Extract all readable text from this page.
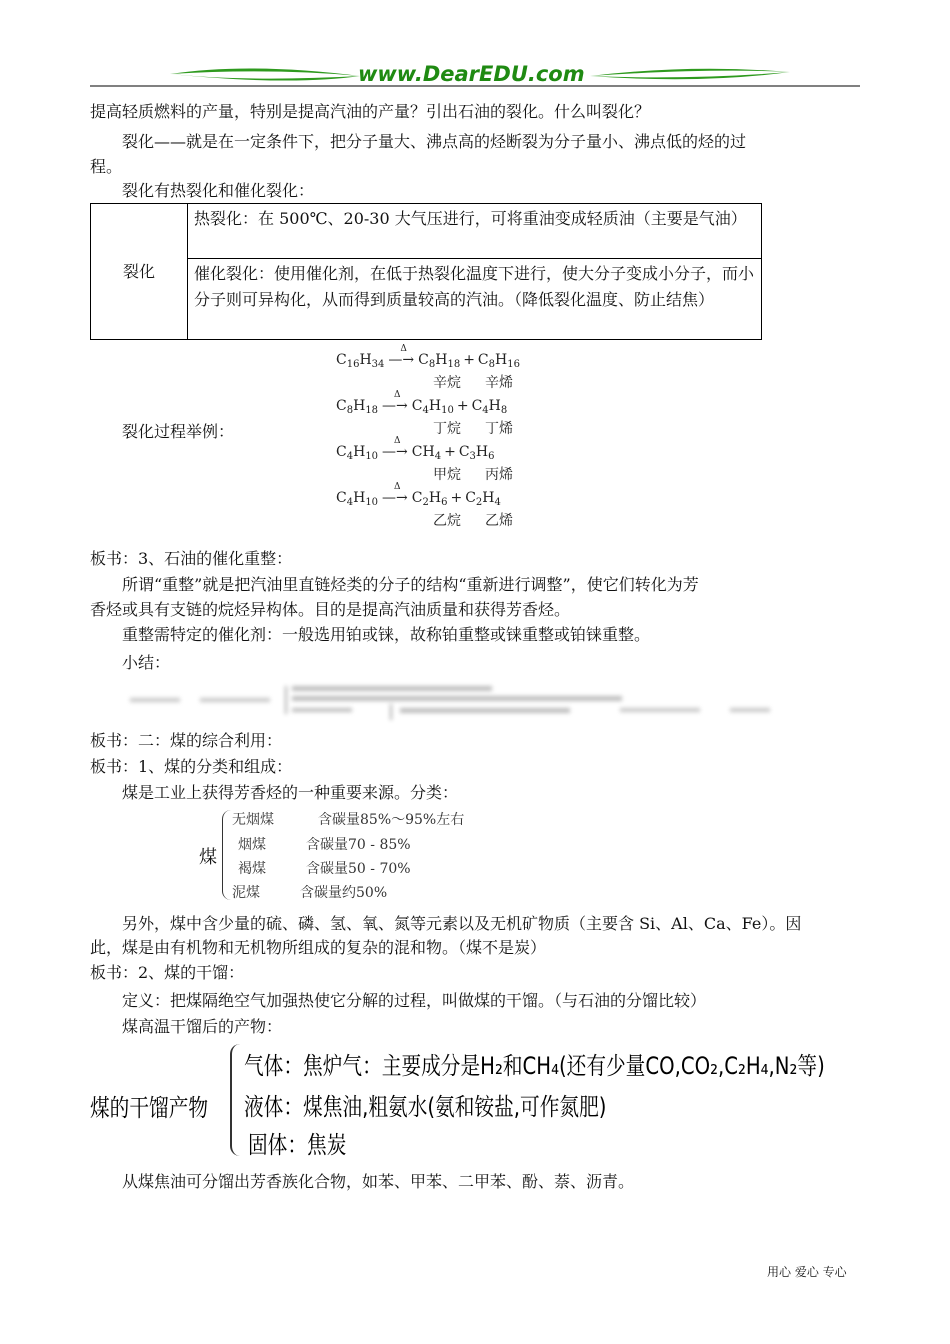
www.DearEDU.com
提高轻质燃料的产量，特别是提高汽油的产量？引出石油的裂化。什么叫裂化？
裂化——就是在一定条件下，把分子量大、沸点高的烃断裂为分子量小、沸点低的烃的过
程。
裂化有热裂化和催化裂化：
裂化	热裂化：在 500℃、20-30 大气压进行，可将重油变成轻质油（主要是气油）
催化裂化：使用催化剂，在低于热裂化温度下进行，使大分子变成小分子，而小分子则可异构化，从而得到质量较高的汽油。（降低裂化温度、防止结焦）
裂化过程举例：
$C_{16}H_{34}$ —→
Δ
$C_8H_{18} + C_8H_{16}$
辛烷 辛烯
$C_8H_{18}$ —→
Δ
$C_4H_{10} + C_4H_8$
丁烷 丁烯
$C_4H_{10}$ —→
Δ
$CH_4 + C_3H_6$
甲烷 丙烯
$C_4H_{10}$ —→
Δ
$C_2H_6 + C_2H_4$
乙烷 乙烯
板书：3、石油的催化重整：
所谓“重整”就是把汽油里直链烃类的分子的结构“重新进行调整”，使它们转化为芳
香烃或具有支链的烷烃异构体。目的是提高汽油质量和获得芳香烃。
重整需特定的催化剂：一般选用铂或铼，故称铂重整或铼重整或铂铼重整。
小结：
板书：二：煤的综合利用：
板书：1、煤的分类和组成：
煤是工业上获得芳香烃的一种重要来源。分类：
煤
无烟煤	含碳量85%～95%左右
烟煤	含碳量70 - 85%
褐煤	含碳量50 - 70%
泥煤	含碳量约50%
另外，煤中含少量的硫、磷、氢、氧、氮等元素以及无机矿物质（主要含 Si、Al、Ca、Fe）。因
此，煤是由有机物和无机物所组成的复杂的混和物。（煤不是炭）
板书：2、煤的干馏：
定义：把煤隔绝空气加强热使它分解的过程，叫做煤的干馏。（与石油的分馏比较）
煤高温干馏后的产物：
煤的干馏产物
气体：焦炉气：主要成分是H₂和CH₄(还有少量CO,CO₂,C₂H₄,N₂等)
液体：煤焦油,粗氨水(氨和铵盐,可作氮肥)
固体：焦炭
从煤焦油可分馏出芳香族化合物，如苯、甲苯、二甲苯、酚、萘、沥青。
用心 爱心 专心
